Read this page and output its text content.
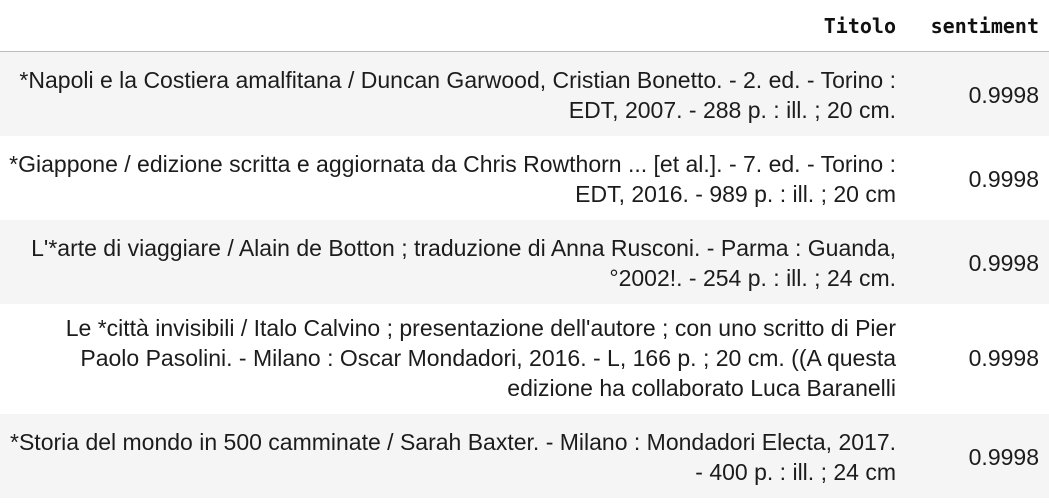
Titolo	sentiment
*Napoli e la Costiera amalfitana / Duncan Garwood, Cristian Bonetto. - 2. ed. - Torino : EDT, 2007. - 288 p. : ill. ; 20 cm.	0.9998
*Giappone / edizione scritta e aggiornata da Chris Rowthorn ... [et al.]. - 7. ed. - Torino : EDT, 2016. - 989 p. : ill. ; 20 cm	0.9998
L'*arte di viaggiare / Alain de Botton ; traduzione di Anna Rusconi. - Parma : Guanda, °2002!. - 254 p. : ill. ; 24 cm.	0.9998
Le *città invisibili / Italo Calvino ; presentazione dell'autore ; con uno scritto di Pier Paolo Pasolini. - Milano : Oscar Mondadori, 2016. - L, 166 p. ; 20 cm. ((A questa edizione ha collaborato Luca Baranelli	0.9998
*Storia del mondo in 500 camminate / Sarah Baxter. - Milano : Mondadori Electa, 2017. - 400 p. : ill. ; 24 cm	0.9998
